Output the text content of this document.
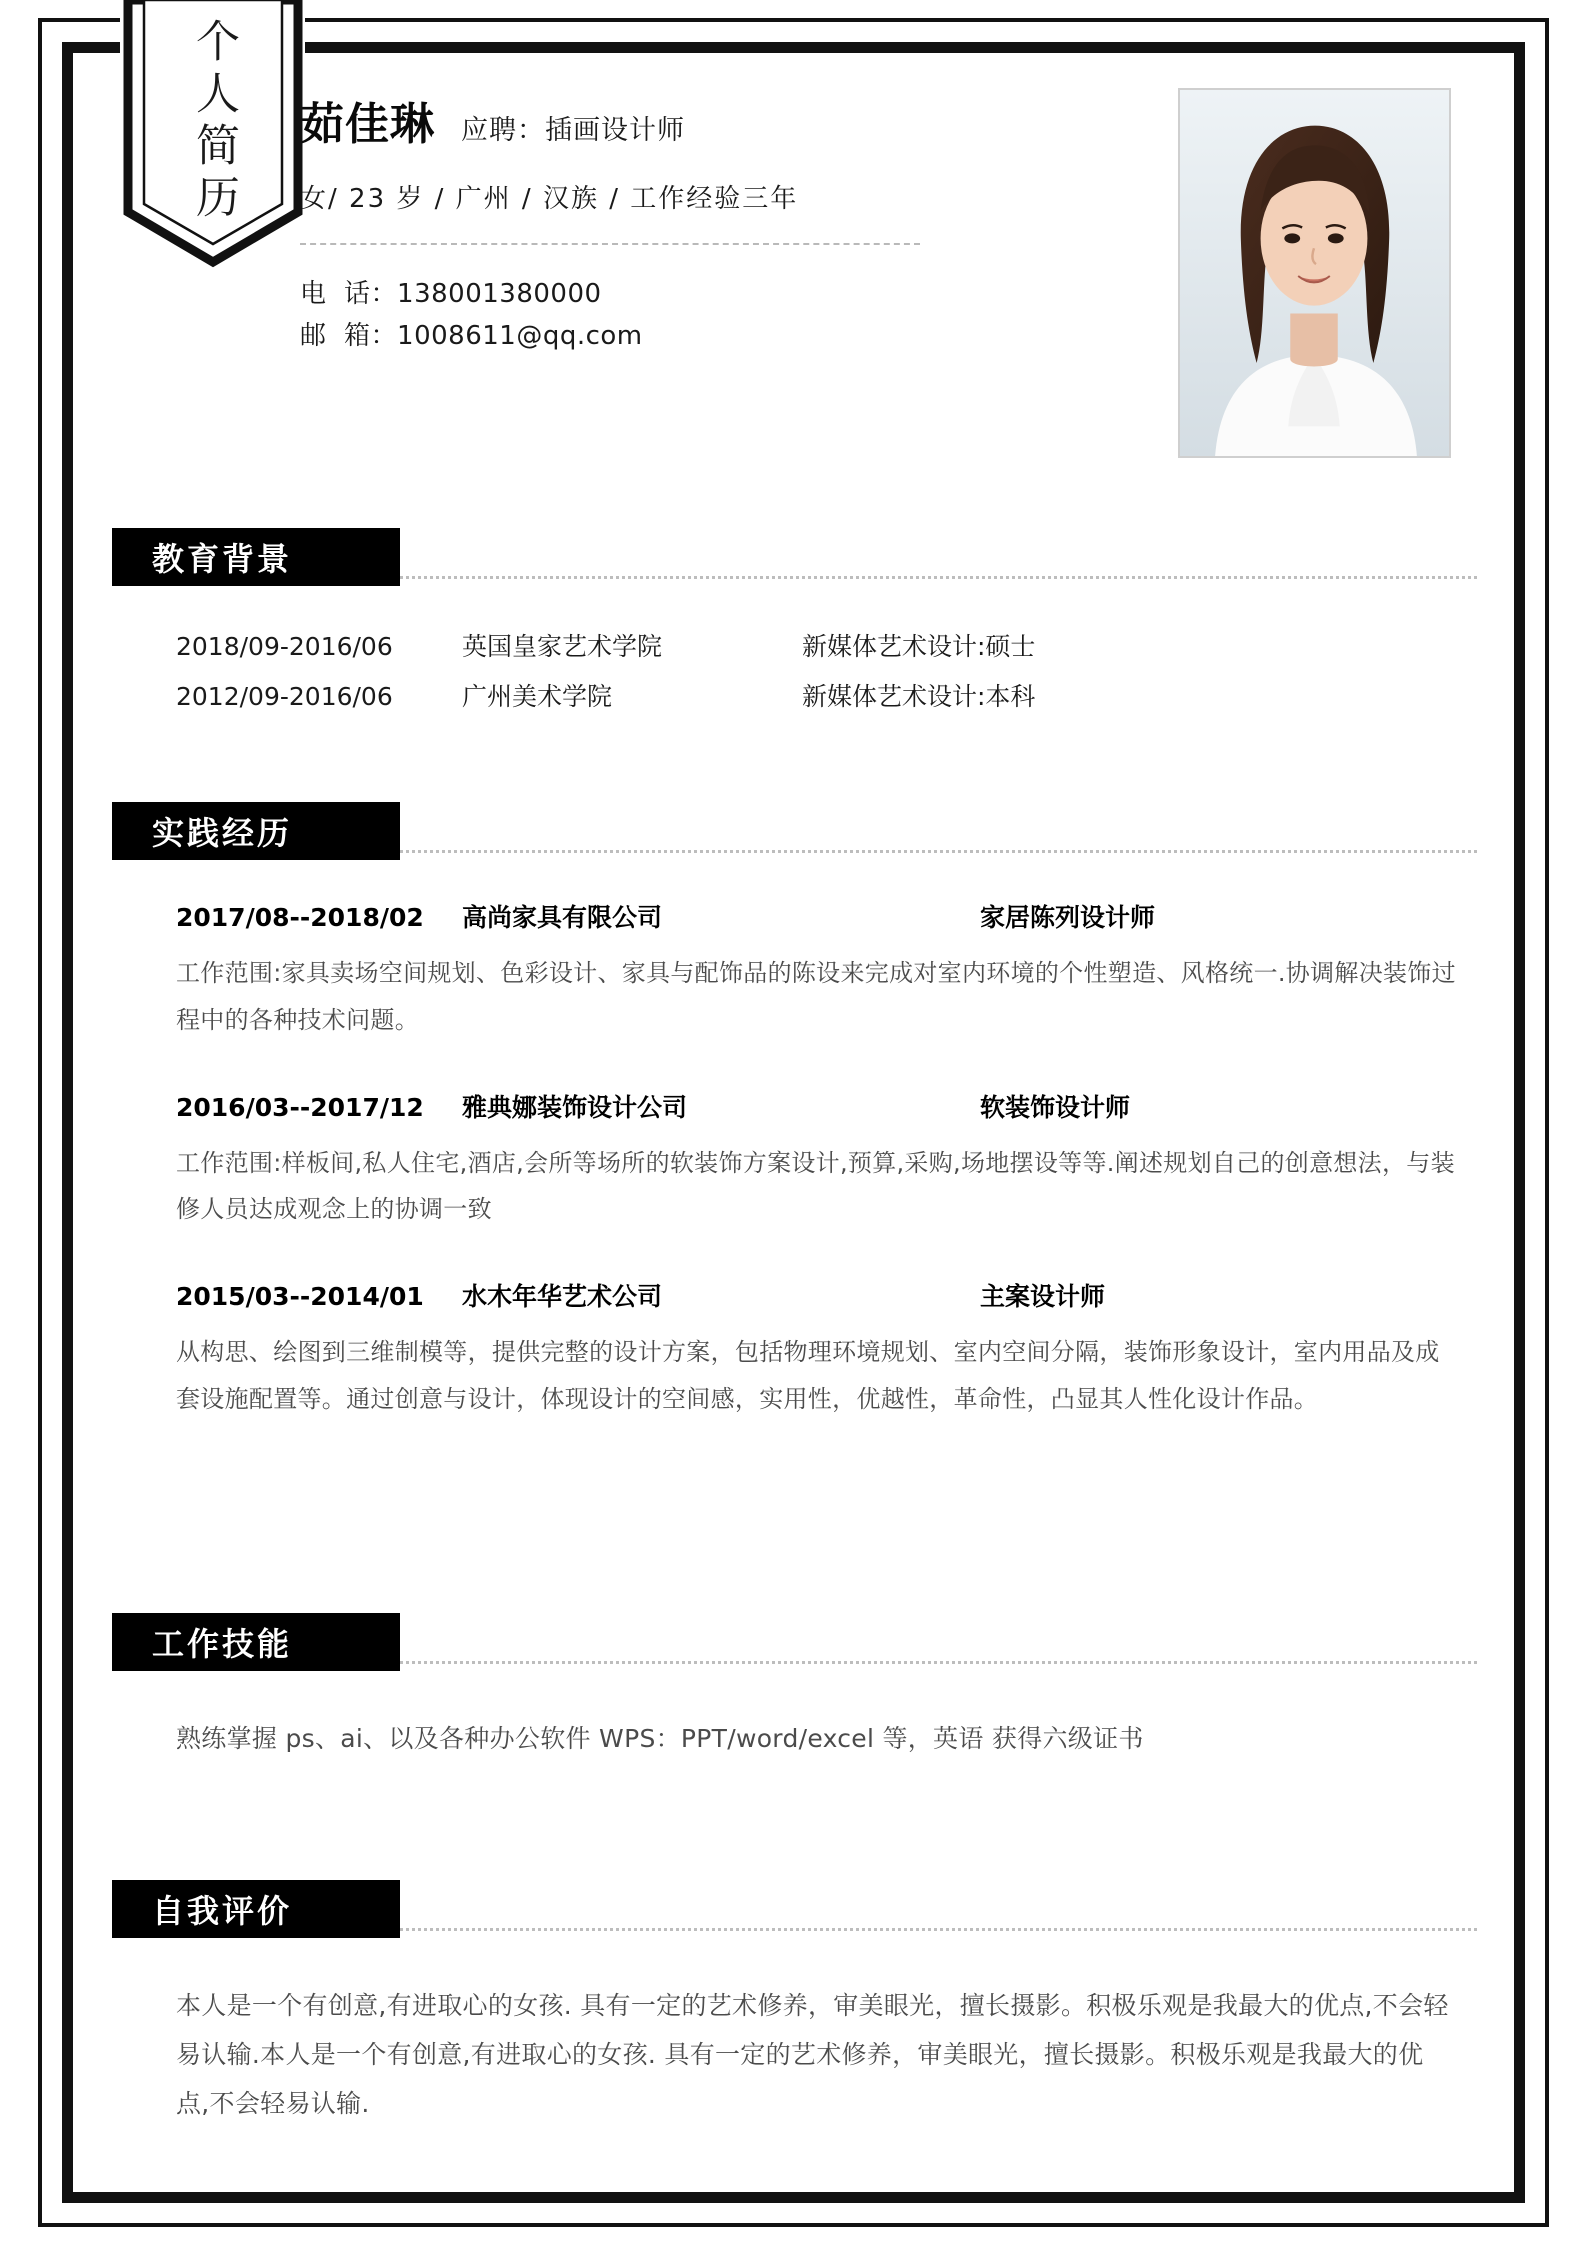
个人简历 茹佳琳 应聘：插画设计师
女/ 23 岁 / 广州 / 汉族 / 工作经验三年
电  话：138001380000
邮  箱：1008611@qq.com
教育背景
2018/09-2016/06	英国皇家艺术学院	新媒体艺术设计:硕士
2012/09-2016/06	广州美术学院	新媒体艺术设计:本科
实践经历
2017/08--2018/02	高尚家具有限公司	家居陈列设计师
工作范围:家具卖场空间规划、色彩设计、家具与配饰品的陈设来完成对室内环境的个性塑造、风格统一.协调解决装饰过程中的各种技术问题。
2016/03--2017/12	雅典娜装饰设计公司	软装饰设计师
工作范围:样板间,私人住宅,酒店,会所等场所的软装饰方案设计,预算,采购,场地摆设等等.阐述规划自己的创意想法，与装修人员达成观念上的协调一致
2015/03--2014/01	水木年华艺术公司	主案设计师
从构思、绘图到三维制模等，提供完整的设计方案，包括物理环境规划、室内空间分隔，装饰形象设计，室内用品及成套设施配置等。通过创意与设计，体现设计的空间感，实用性，优越性，革命性，凸显其人性化设计作品。
工作技能
熟练掌握 ps、ai、以及各种办公软件 WPS：PPT/word/excel 等，英语 获得六级证书
自我评价
本人是一个有创意,有进取心的女孩. 具有一定的艺术修养，审美眼光，擅长摄影。积极乐观是我最大的优点,不会轻易认输.本人是一个有创意,有进取心的女孩. 具有一定的艺术修养，审美眼光，擅长摄影。积极乐观是我最大的优点,不会轻易认输.
